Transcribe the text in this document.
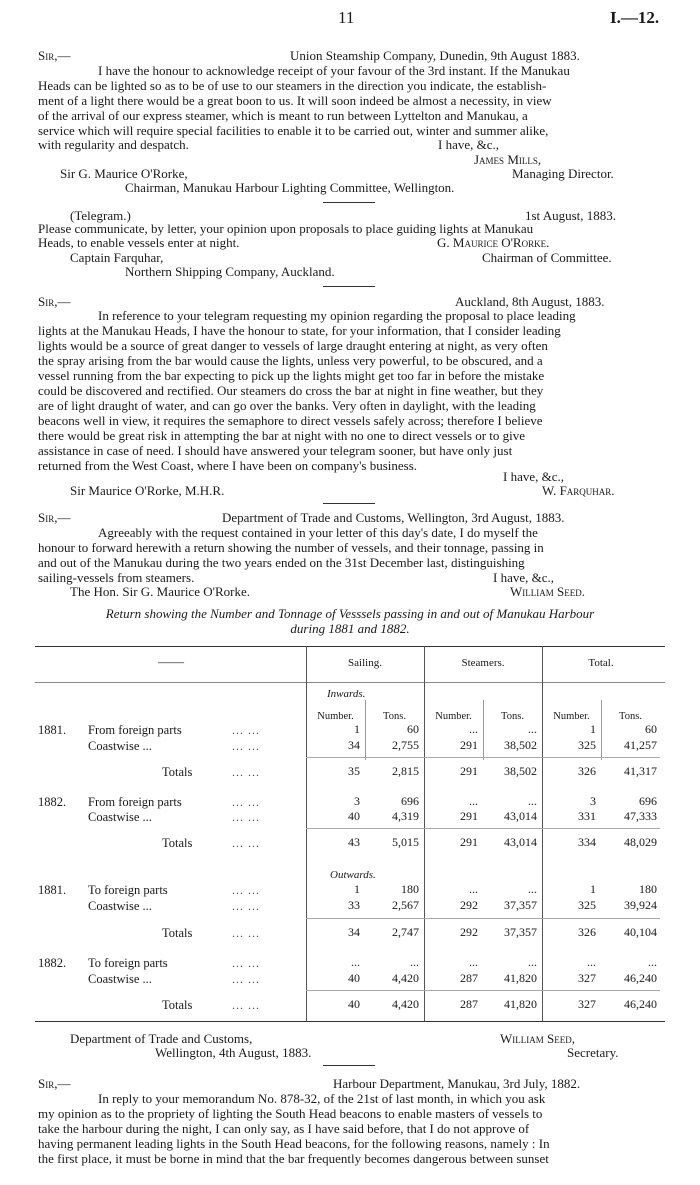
11	I.—12.
Sir,—	Union Steamship Company, Dunedin, 9th August 1883.
I have the honour to acknowledge receipt of your favour of the 3rd instant. If the Manukau
Heads can be lighted so as to be of use to our steamers in the direction you indicate, the establish-
ment of a light there would be a great boon to us. It will soon indeed be almost a necessity, in view
of the arrival of our express steamer, which is meant to run between Lyttelton and Manukau, a
service which will require special facilities to enable it to be carried out, winter and summer alike,
with regularity and despatch.	I have, &c.,
James Mills,
Sir G. Maurice O'Rorke,	Managing Director.
Chairman, Manukau Harbour Lighting Committee, Wellington.
(Telegram.)	1st August, 1883.
Please communicate, by letter, your opinion upon proposals to place guiding lights at Manukau
Heads, to enable vessels enter at night.	G. Maurice O'Rorke.
Captain Farquhar,	Chairman of Committee.
Northern Shipping Company, Auckland.
Sir,—	Auckland, 8th August, 1883.
In reference to your telegram requesting my opinion regarding the proposal to place leading
lights at the Manukau Heads, I have the honour to state, for your information, that I consider leading
lights would be a source of great danger to vessels of large draught entering at night, as very often
the spray arising from the bar would cause the lights, unless very powerful, to be obscured, and a
vessel running from the bar expecting to pick up the lights might get too far in before the mistake
could be discovered and rectified. Our steamers do cross the bar at night in fine weather, but they
are of light draught of water, and can go over the banks. Very often in daylight, with the leading
beacons well in view, it requires the semaphore to direct vessels safely across; therefore I believe
there would be great risk in attempting the bar at night with no one to direct vessels or to give
assistance in case of need. I should have answered your telegram sooner, but have only just
returned from the West Coast, where I have been on company's business.
I have, &c.,
Sir Maurice O'Rorke, M.H.R.	W. Farquhar.
Sir,—	Department of Trade and Customs, Wellington, 3rd August, 1883.
Agreeably with the request contained in your letter of this day's date, I do myself the
honour to forward herewith a return showing the number of vessels, and their tonnage, passing in
and out of the Manukau during the two years ended on the 31st December last, distinguishing
sailing-vessels from steamers.	I have, &c.,
The Hon. Sir G. Maurice O'Rorke.	William Seed.
Return showing the Number and Tonnage of Vesssels passing in and out of Manukau Harbour
during 1881 and 1882.
——	Sailing.	Steamers.	Total.
Inwards.
Number.	Tons.	Number.	Tons.	Number.	Tons.
Outwards.
1881. From foreign parts	... ...	1	60	...	...	1	60
Coastwise ...	... ...	34	2,755	291	38,502	325	41,257
Totals	... ...	35	2,815	291	38,502	326	41,317
1882. From foreign parts	... ...	3	696	...	...	3	696
Coastwise ...	... ...	40	4,319	291	43,014	331	47,333
Totals	... ...	43	5,015	291	43,014	334	48,029
1881. To foreign parts	... ...	1	180	...	...	1	180
Coastwise ...	... ...	33	2,567	292	37,357	325	39,924
Totals	... ...	34	2,747	292	37,357	326	40,104
1882. To foreign parts	... ...	...	...	...	...	...	...
Coastwise ...	... ...	40	4,420	287	41,820	327	46,240
Totals	... ...	40	4,420	287	41,820	327	46,240
Department of Trade and Customs,
Wellington, 4th August, 1883.
William Seed,
Secretary.
Sir,—	Harbour Department, Manukau, 3rd July, 1882.
In reply to your memorandum No. 878-32, of the 21st of last month, in which you ask
my opinion as to the propriety of lighting the South Head beacons to enable masters of vessels to
take the harbour during the night, I can only say, as I have said before, that I do not approve of
having permanent leading lights in the South Head beacons, for the following reasons, namely : In
the first place, it must be borne in mind that the bar frequently becomes dangerous between sunset
